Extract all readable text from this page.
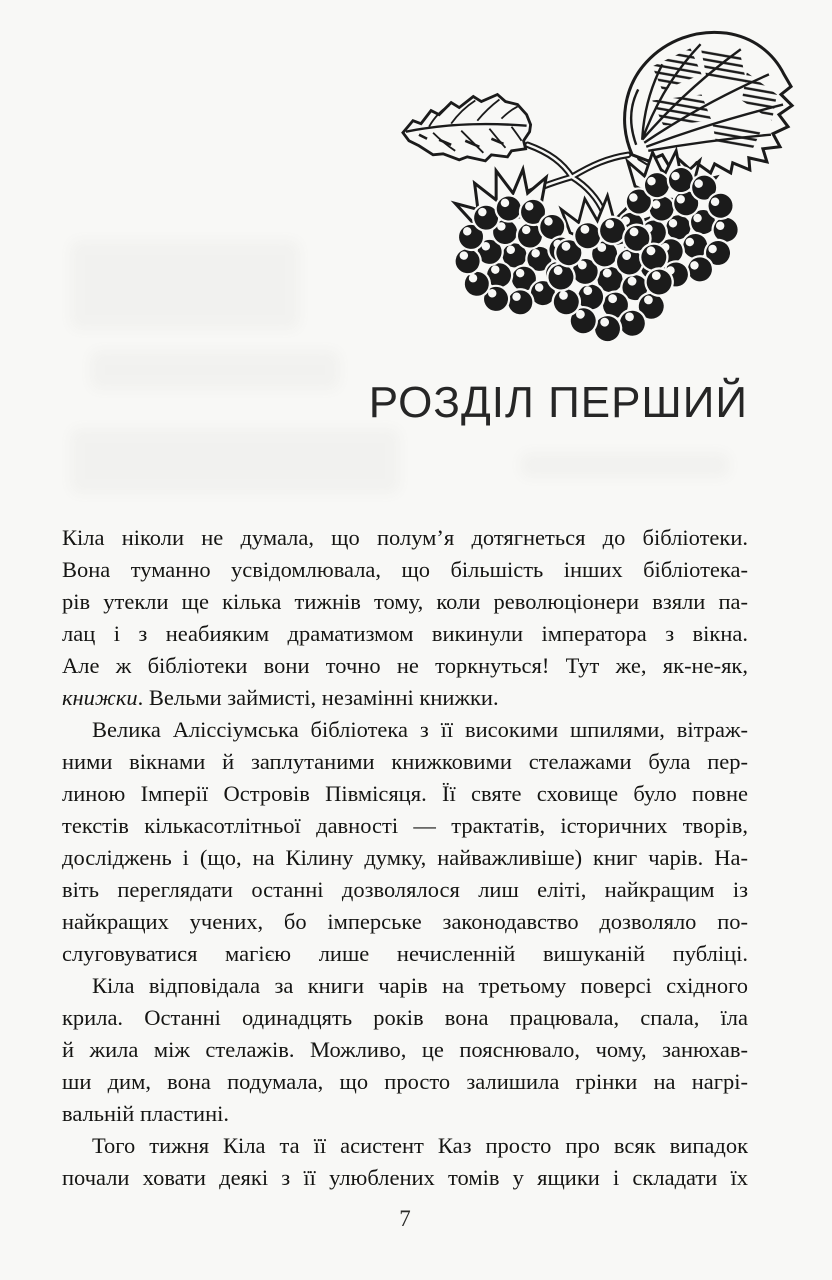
РОЗДІЛ ПЕРШИЙ
Кіла ніколи не думала, що полум’я дотягнеться до бібліотеки.
Вона туманно усвідомлювала, що більшість інших бібліотека-
рів утекли ще кілька тижнів тому, коли революціонери взяли па-
лац і з неабияким драматизмом викинули імператора з вікна.
Але ж бібліотеки вони точно не торкнуться! Тут же, як-не-як,
книжки. Вельми займисті, незамінні книжки.
Велика Аліссіумська бібліотека з її високими шпилями, вітраж-
ними вікнами й заплутаними книжковими стелажами була пер-
линою Імперії Островів Півмісяця. Її святе сховище було повне
текстів кількасотлітньої давності — трактатів, історичних творів,
досліджень і (що, на Кілину думку, найважливіше) книг чарів. На-
віть переглядати останні дозволялося лиш еліті, найкращим із
найкращих учених, бо імперське законодавство дозволяло по-
слуговуватися магією лише нечисленній вишуканій публіці.
Кіла відповідала за книги чарів на третьому поверсі східного
крила. Останні одинадцять років вона працювала, спала, їла
й жила між стелажів. Можливо, це пояснювало, чому, занюхав-
ши дим, вона подумала, що просто залишила грінки на нагрі-
вальній пластині.
Того тижня Кіла та її асистент Каз просто про всяк випадок
почали ховати деякі з її улюблених томів у ящики і складати їх
7
